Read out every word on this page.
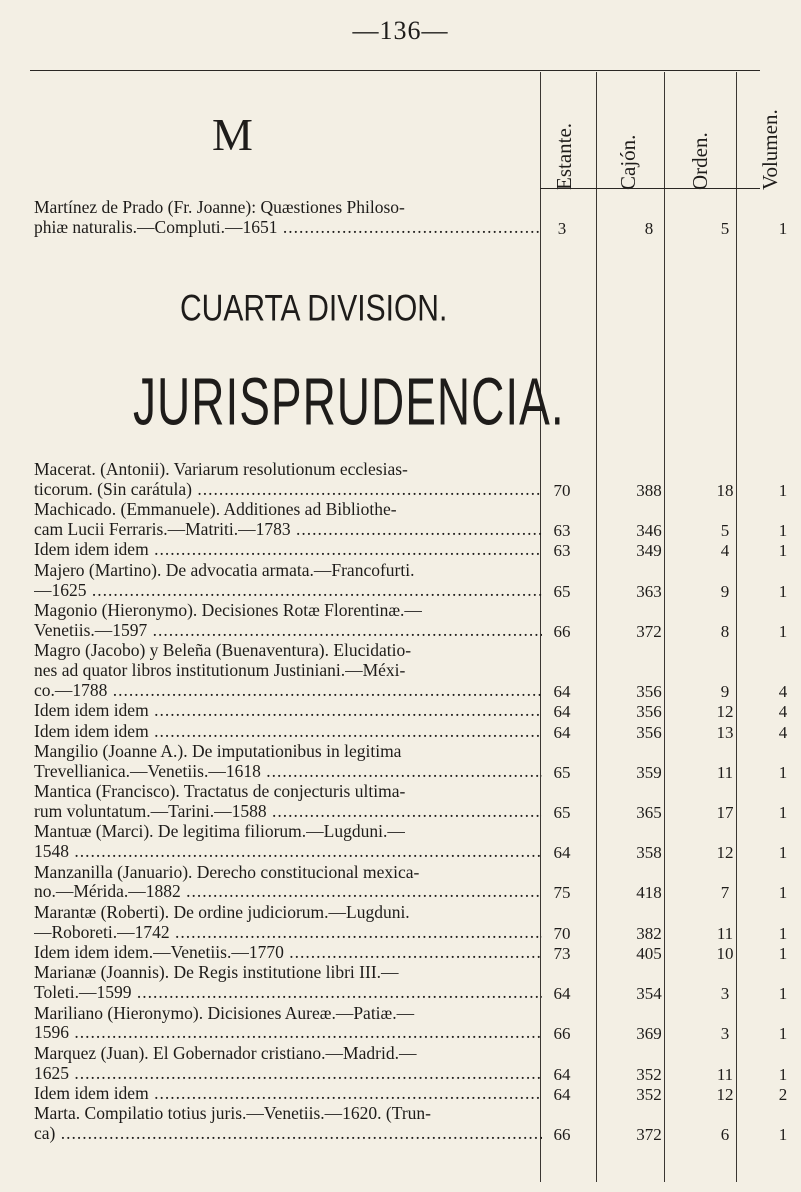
—136—
Estante. Cajón. Orden. Volumen.
M
Martínez de Prado (Fr. Joanne): Quæstiones Philoso-
phiæ naturalis.—Compluti.—1651 .....	3	8	5	1
CUARTA DIVISION.
JURISPRUDENCIA.
Macerat. (Antonii). Variarum resolutionum ecclesias-
ticorum. (Sin carátula) .....	70	388	18	1
Machicado. (Emmanuele). Additiones ad Bibliothe-
cam Lucii Ferraris.—Matriti.—1783 .....	63	346	5	1
Idem idem idem .....	63	349	4	1
Majero (Martino). De advocatia armata.—Francofurti.
—1625 .....	65	363	9	1
Magonio (Hieronymo). Decisiones Rotæ Florentinæ.—
Venetiis.—1597 .....	66	372	8	1
Magro (Jacobo) y Beleña (Buenaventura). Elucidatio-
nes ad quator libros institutionum Justiniani.—Méxi-
co.—1788 .....	64	356	9	4
Idem idem idem .....	64	356	12	4
Idem idem idem .....	64	356	13	4
Mangilio (Joanne A.). De imputationibus in legitima
Trevellianica.—Venetiis.—1618 .....	65	359	11	1
Mantica (Francisco). Tractatus de conjecturis ultima-
rum voluntatum.—Tarini.—1588 .....	65	365	17	1
Mantuæ (Marci). De legitima filiorum.—Lugduni.—
1548 .....	64	358	12	1
Manzanilla (Januario). Derecho constitucional mexica-
no.—Mérida.—1882 .....	75	418	7	1
Marantæ (Roberti). De ordine judiciorum.—Lugduni.
—Roboreti.—1742 .....	70	382	11	1
Idem idem idem.—Venetiis.—1770 .....	73	405	10	1
Marianæ (Joannis). De Regis institutione libri III.—
Toleti.—1599 .....	64	354	3	1
Mariliano (Hieronymo). Dicisiones Aureæ.—Patiæ.—
1596 .....	66	369	3	1
Marquez (Juan). El Gobernador cristiano.—Madrid.—
1625 .....	64	352	11	1
Idem idem idem .....	64	352	12	2
Marta. Compilatio totius juris.—Venetiis.—1620. (Trun-
ca) .....	66	372	6	1
